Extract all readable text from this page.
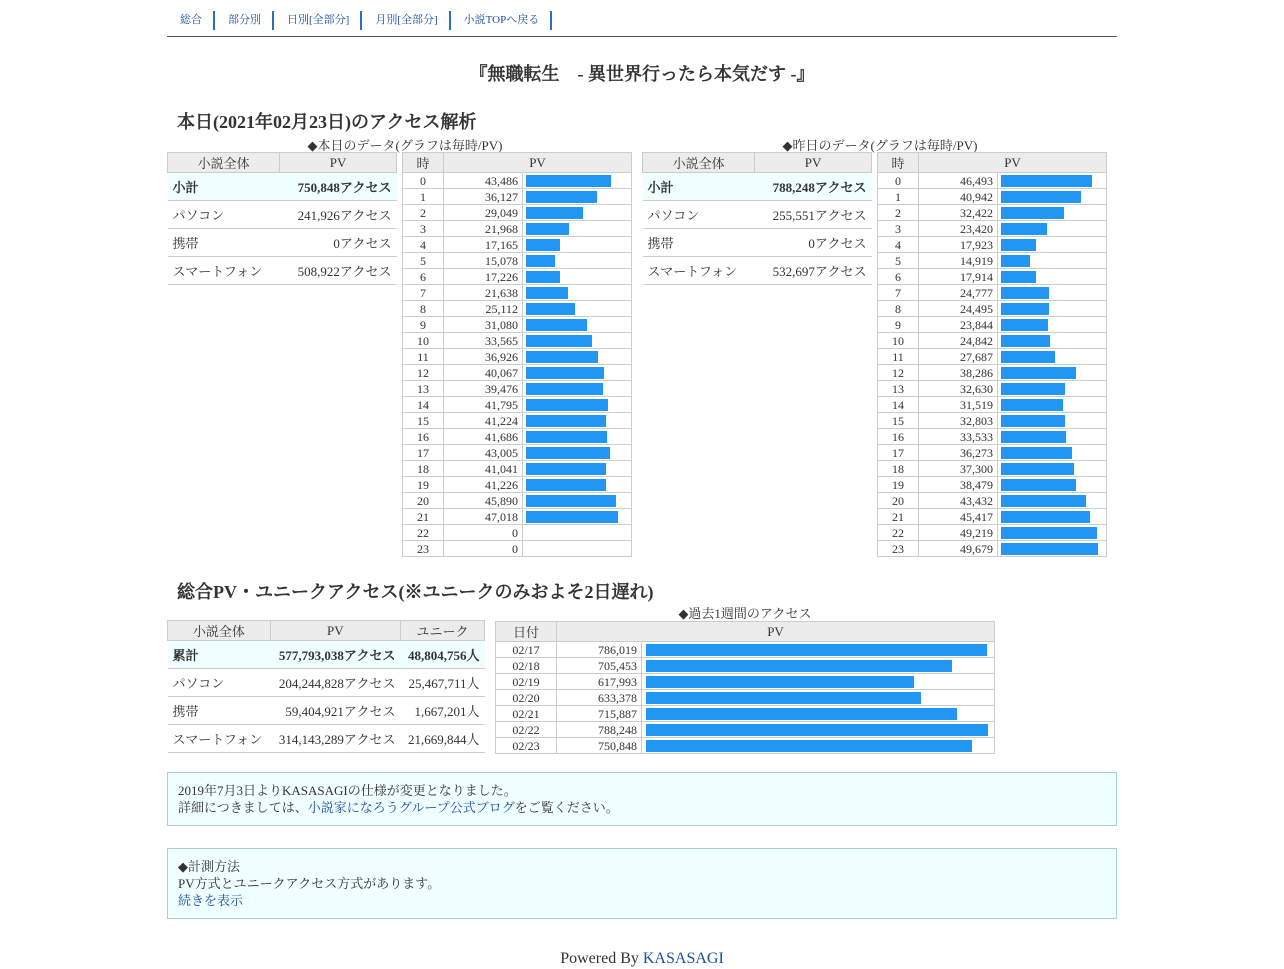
総合	部分別	日別[全部分]	月別[全部分]	小説TOPへ戻る
『無職転生　- 異世界行ったら本気だす -』
本日(2021年02月23日)のアクセス解析
◆本日のデータ(グラフは毎時/PV)	◆昨日のデータ(グラフは毎時/PV)
小説全体	PV
小計	750,848アクセス
パソコン	241,926アクセス
携帯	0アクセス
スマートフォン	508,922アクセス
時	PV	
0	43,486	

1	36,127	

2	29,049	

3	21,968	

4	17,165	

5	15,078	

6	17,226	

7	21,638	

8	25,112	

9	31,080	

10	33,565	

11	36,926	

12	40,067	

13	39,476	

14	41,795	

15	41,224	

16	41,686	

17	43,005	

18	41,041	

19	41,226	

20	45,890	

21	47,018	

22	0	
23	0	
小説全体	PV
小計	788,248アクセス
パソコン	255,551アクセス
携帯	0アクセス
スマートフォン	532,697アクセス
時	PV	
0	46,493	

1	40,942	

2	32,422	

3	23,420	

4	17,923	

5	14,919	

6	17,914	

7	24,777	

8	24,495	

9	23,844	

10	24,842	

11	27,687	

12	38,286	

13	32,630	

14	31,519	

15	32,803	

16	33,533	

17	36,273	

18	37,300	

19	38,479	

20	43,432	

21	45,417	

22	49,219	

23	49,679	
総合PV・ユニークアクセス(※ユニークのみおよそ2日遅れ)
小説全体	PV	ユニーク
累計	577,793,038アクセス	48,804,756人
パソコン	204,244,828アクセス	25,467,711人
携帯	59,404,921アクセス	1,667,201人
スマートフォン	314,143,289アクセス	21,669,844人
◆過去1週間のアクセス
日付	PV	
02/17	786,019	

02/18	705,453	

02/19	617,993	

02/20	633,378	

02/21	715,887	

02/22	788,248	

02/23	750,848	
2019年7月3日よりKASASAGIの仕様が変更となりました。
詳細につきましては、小説家になろうグループ公式ブログをご覧ください。
◆計測方法
PV方式とユニークアクセス方式があります。
続きを表示
Powered By KASASAGI
